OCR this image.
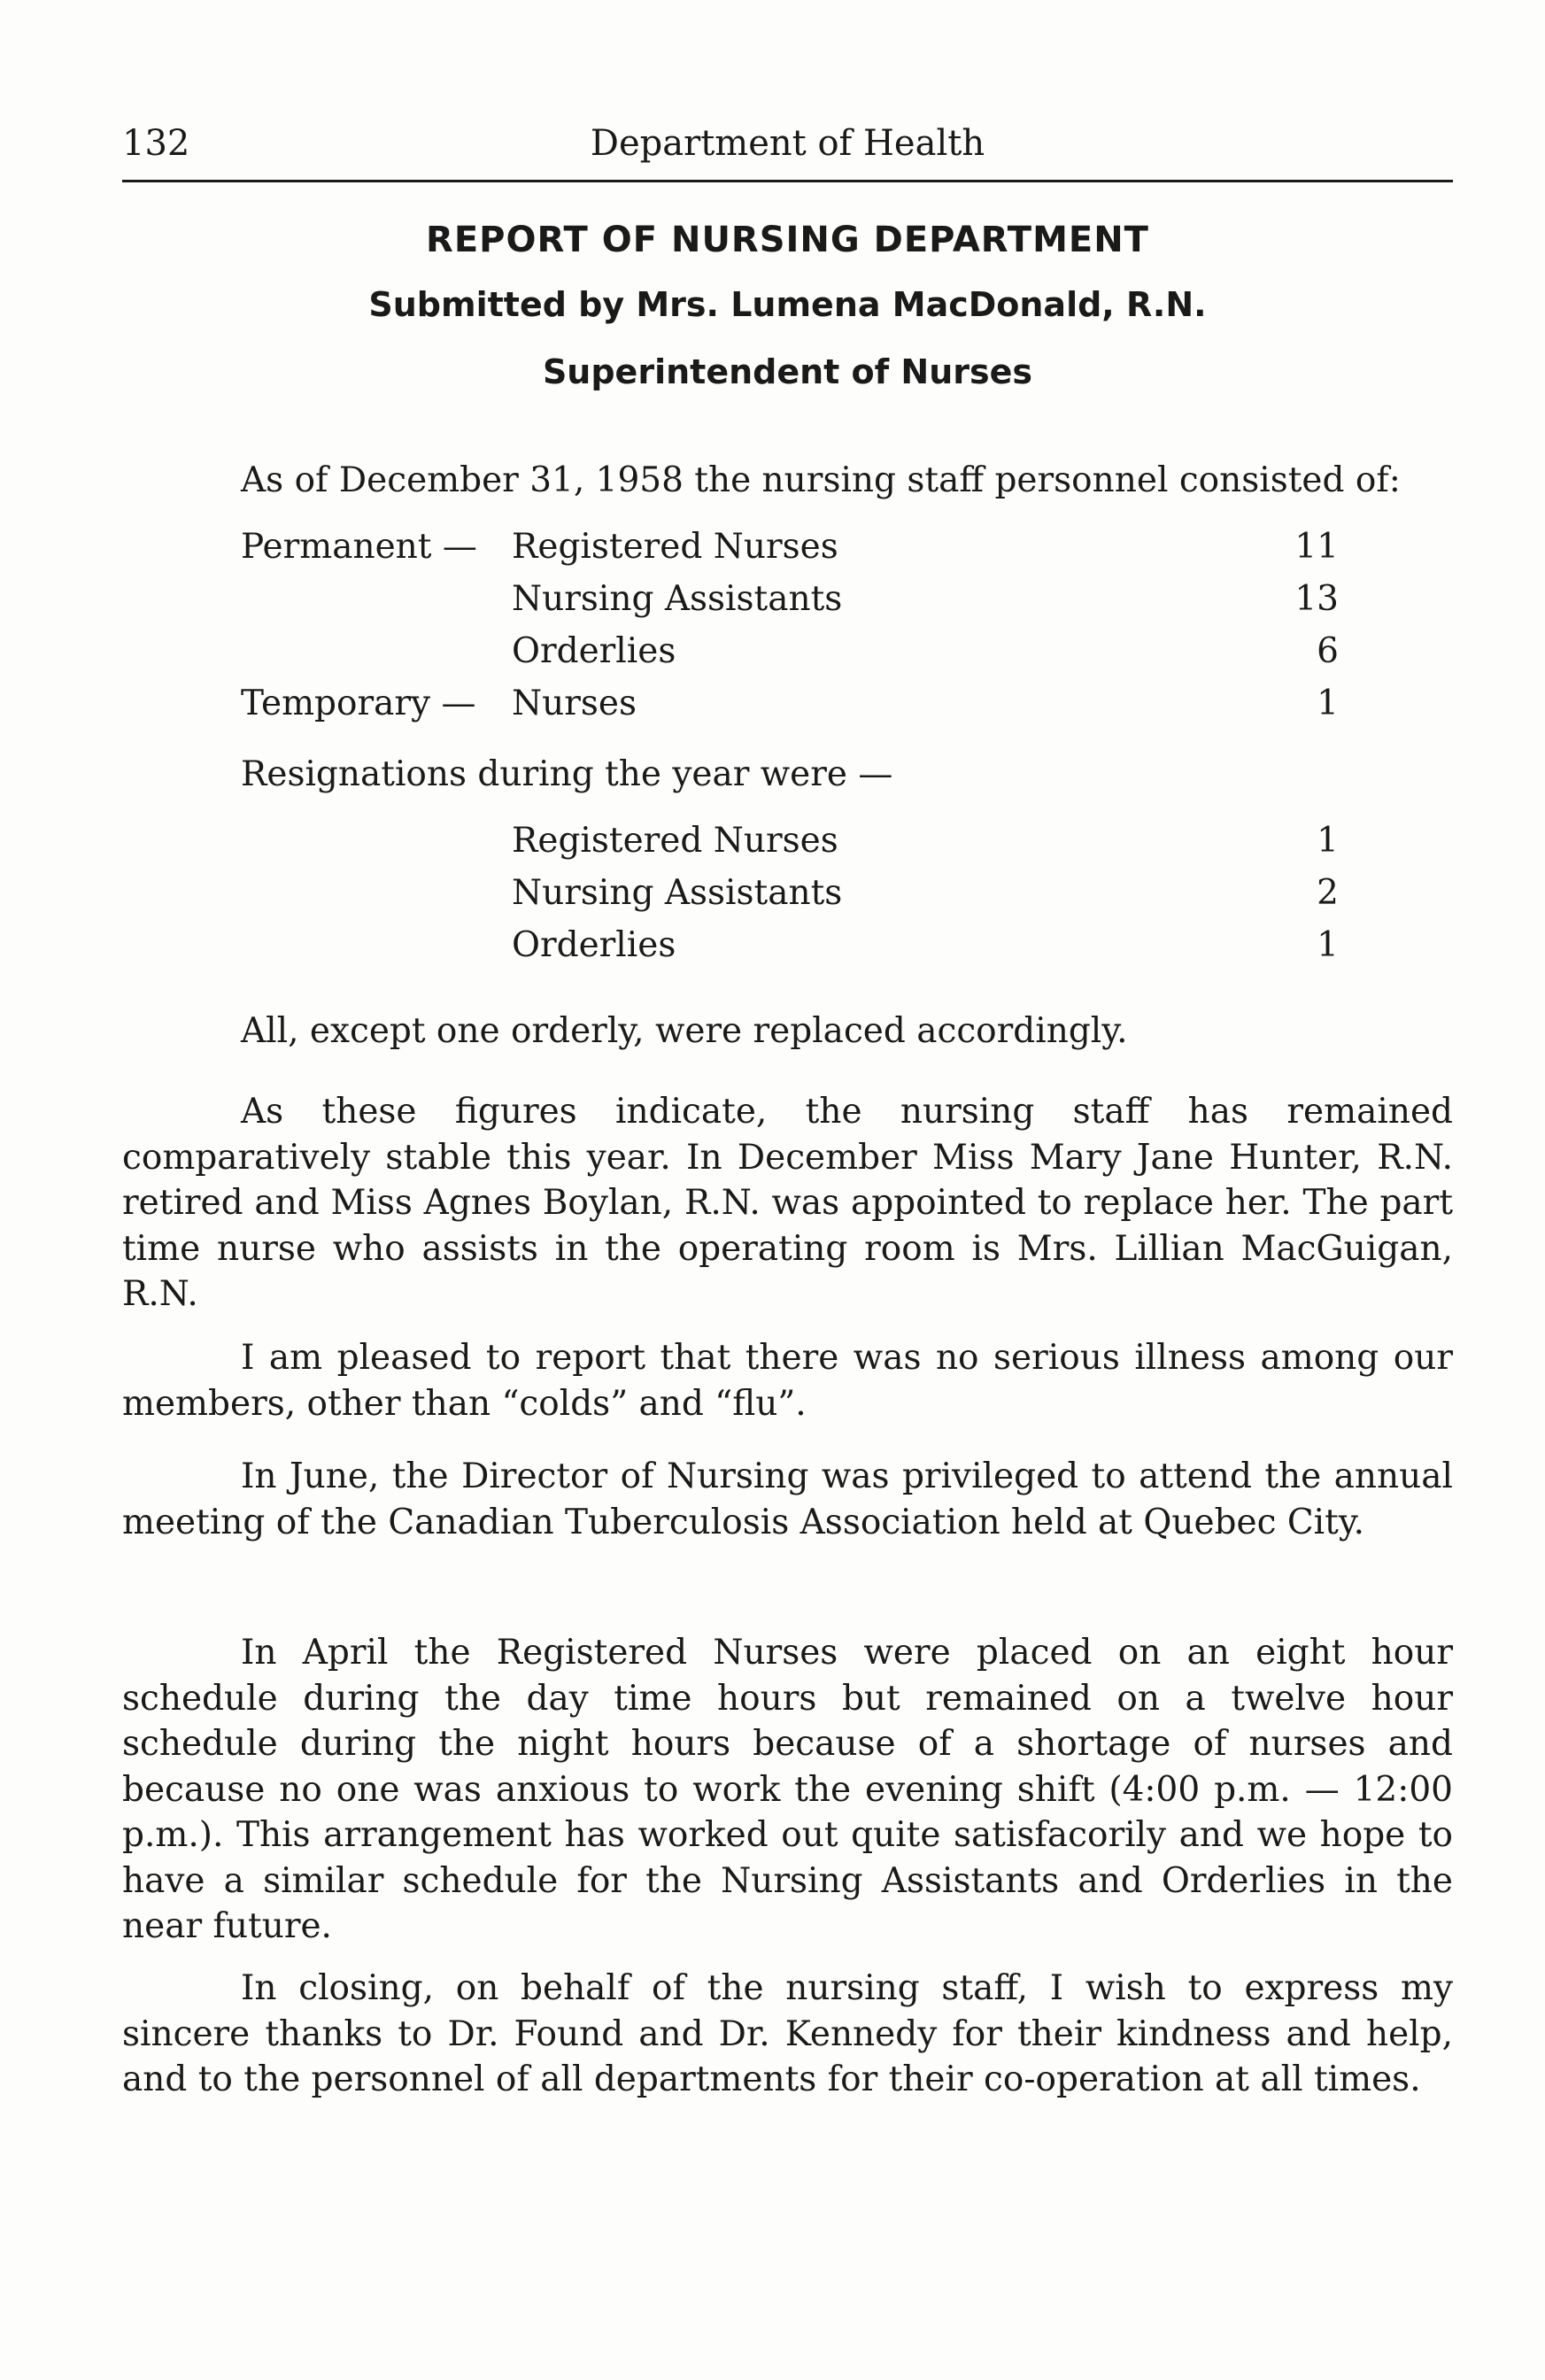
132	Department of Health
REPORT OF NURSING DEPARTMENT
Submitted by Mrs. Lumena MacDonald, R.N.
Superintendent of Nurses
As of December 31, 1958 the nursing staff personnel consisted of:
Permanent — Registered Nurses	11
Nursing Assistants	13
Orderlies	6
Temporary — Nurses	1
Resignations during the year were —
Registered Nurses	1
Nursing Assistants	2
Orderlies	1
All, except one orderly, were replaced accordingly.

As these figures indicate, the nursing staff has remained comparatively stable this year. In December Miss Mary Jane Hunter, R.N. retired and Miss Agnes Boylan, R.N. was appointed to replace her. The part time nurse who assists in the operating room is Mrs. Lillian MacGuigan, R.N.

I am pleased to report that there was no serious illness among our members, other than “colds” and “flu”.

In June, the Director of Nursing was privileged to attend the annual meeting of the Canadian Tuberculosis Association held at Quebec City.

In April the Registered Nurses were placed on an eight hour schedule during the day time hours but remained on a twelve hour schedule during the night hours because of a shortage of nurses and because no one was anxious to work the evening shift (4:00 p.m. — 12:00 p.m.). This arrangement has worked out quite satisfacorily and we hope to have a similar schedule for the Nursing Assistants and Orderlies in the near future.

In closing, on behalf of the nursing staff, I wish to express my sincere thanks to Dr. Found and Dr. Kennedy for their kindness and help, and to the personnel of all departments for their co-operation at all times.
